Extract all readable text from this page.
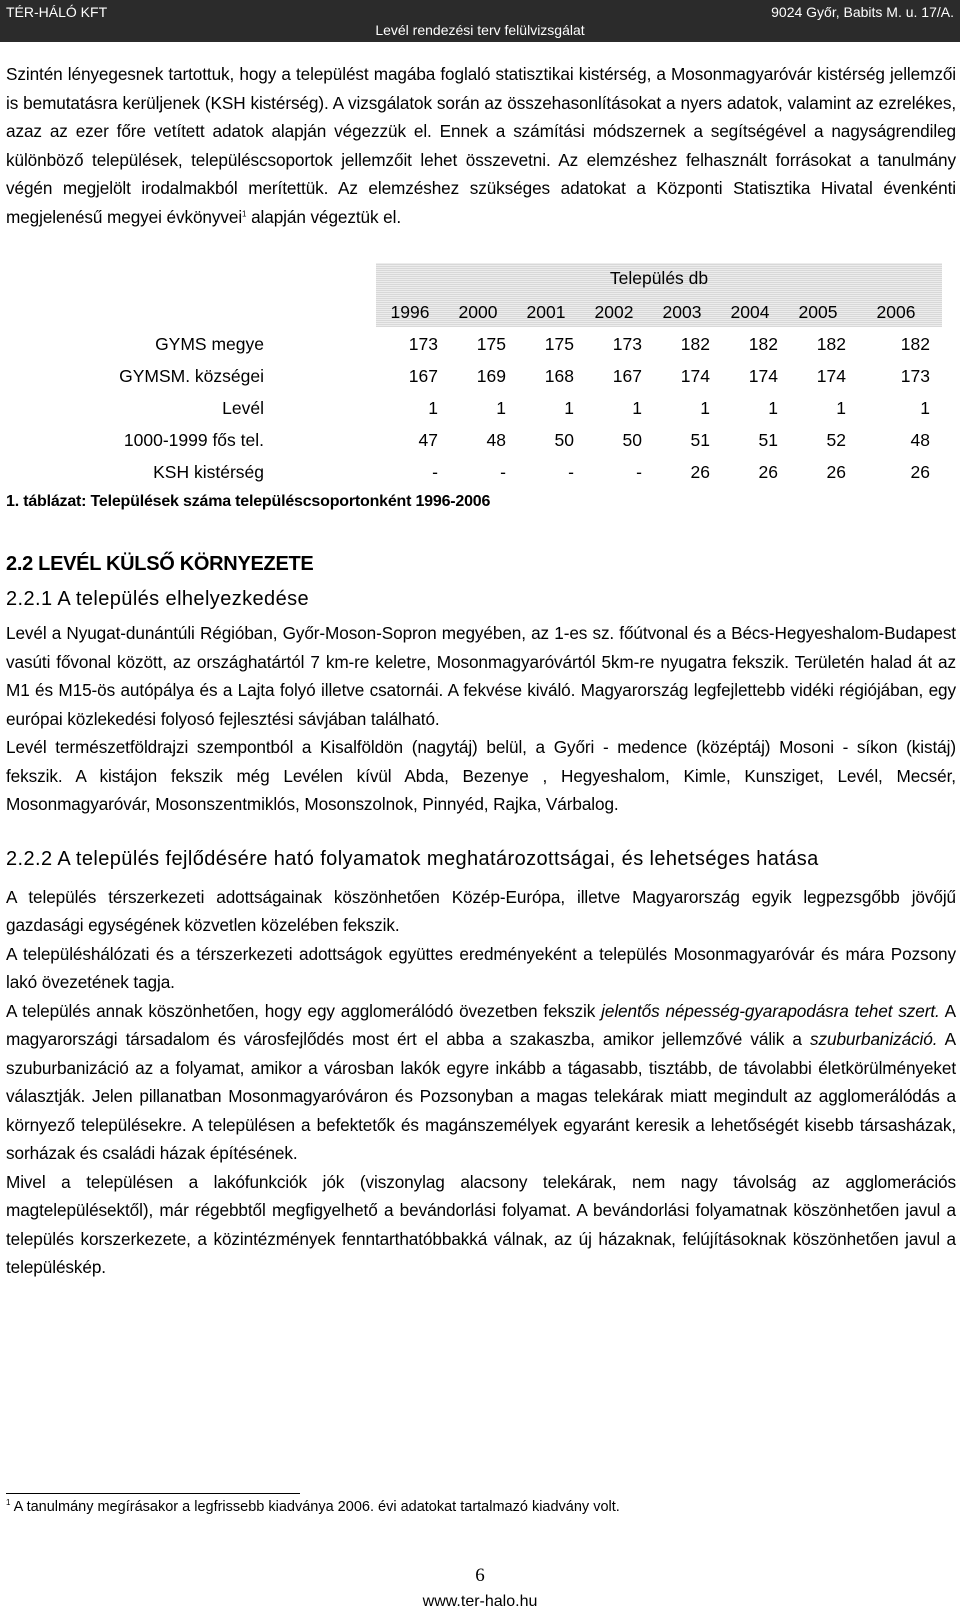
TÉR-HÁLÓ KFT	9024 Győr, Babits M. u. 17/A.
Levél rendezési terv felülvizsgálat

Szintén lényegesnek tartottuk, hogy a települést magába foglaló statisztikai kistérség, a Mosonmagyaróvár kistérség jellemzői is bemutatásra kerüljenek (KSH kistérség). A vizsgálatok során az összehasonlításokat a nyers adatok, valamint az ezrelékes, azaz az ezer főre vetített adatok alapján végezzük el. Ennek a számítási módszernek a segítségével a nagyságrendileg különböző települések, településcsoportok jellemzőit lehet összevetni. Az elemzéshez felhasznált forrásokat a tanulmány végén megjelölt irodalmakból merítettük. Az elemzéshez szükséges adatokat a Központi Statisztika Hivatal évenkénti megjelenésű megyei évkönyvei$^1$ alapján végeztük el.

Település db
	1996	2000	2001	2002	2003	2004	2005	2006
GYMS megye	173	175	175	173	182	182	182	182
GYMSM. községei	167	169	168	167	174	174	174	173
Levél	1	1	1	1	1	1	1	1
1000-1999 fős tel.	47	48	50	50	51	51	52	48
KSH kistérség	-	-	-	-	26	26	26	26
1. táblázat: Települések száma településcsoportonként 1996-2006
2.2 LEVÉL KÜLSŐ KÖRNYEZETE
2.2.1 A település elhelyezkedése

Levél a Nyugat-dunántúli Régióban, Győr-Moson-Sopron megyében, az 1-es sz. főútvonal és a Bécs-Hegyeshalom-Budapest vasúti fővonal között, az országhatártól 7 km-re keletre, Mosonmagyaróvártól 5km-re nyugatra fekszik. Területén halad át az M1 és M15-ös autópálya és a Lajta folyó illetve csatornái. A fekvése kiváló. Magyarország legfejlettebb vidéki régiójában, egy európai közlekedési folyosó fejlesztési sávjában található.

Levél természetföldrajzi szempontból a Kisalföldön (nagytáj) belül, a Győri - medence (középtáj) Mosoni - síkon (kistáj) fekszik. A kistájon fekszik még Levélen kívül Abda, Bezenye , Hegyeshalom, Kimle, Kunsziget, Levél, Mecsér, Mosonmagyaróvár, Mosonszentmiklós, Mosonszolnok, Pinnyéd, Rajka, Várbalog.

2.2.2 A település fejlődésére ható folyamatok meghatározottságai, és lehetséges hatása

A település térszerkezeti adottságainak köszönhetően Közép-Európa, illetve Magyarország egyik legpezsgőbb jövőjű gazdasági egységének közvetlen közelében fekszik.

A településhálózati és a térszerkezeti adottságok együttes eredményeként a település Mosonmagyaróvár és mára Pozsony lakó övezetének tagja.

A település annak köszönhetően, hogy egy agglomerálódó övezetben fekszik jelentős népesség-gyarapodásra tehet szert. A magyarországi társadalom és városfejlődés most ért el abba a szakaszba, amikor jellemzővé válik a szuburbanizáció. A szuburbanizáció az a folyamat, amikor a városban lakók egyre inkább a tágasabb, tisztább, de távolabbi életkörülményeket választják. Jelen pillanatban Mosonmagyaróváron és Pozsonyban a magas telekárak miatt megindult az agglomerálódás a környező településekre. A településen a befektetők és magánszemélyek egyaránt keresik a lehetőségét kisebb társasházak, sorházak és családi házak építésének.

Mivel a településen a lakófunkciók jók (viszonylag alacsony telekárak, nem nagy távolság az agglomerációs magtelepülésektől), már régebbtől megfigyelhető a bevándorlási folyamat. A bevándorlási folyamatnak köszönhetően javul a település korszerkezete, a közintézmények fenntarthatóbbakká válnak, az új házaknak, felújításoknak köszönhetően javul a településkép.

$^1$ A tanulmány megírásakor a legfrissebb kiadványa 2006. évi adatokat tartalmazó kiadvány volt.
6
www.ter-halo.hu
